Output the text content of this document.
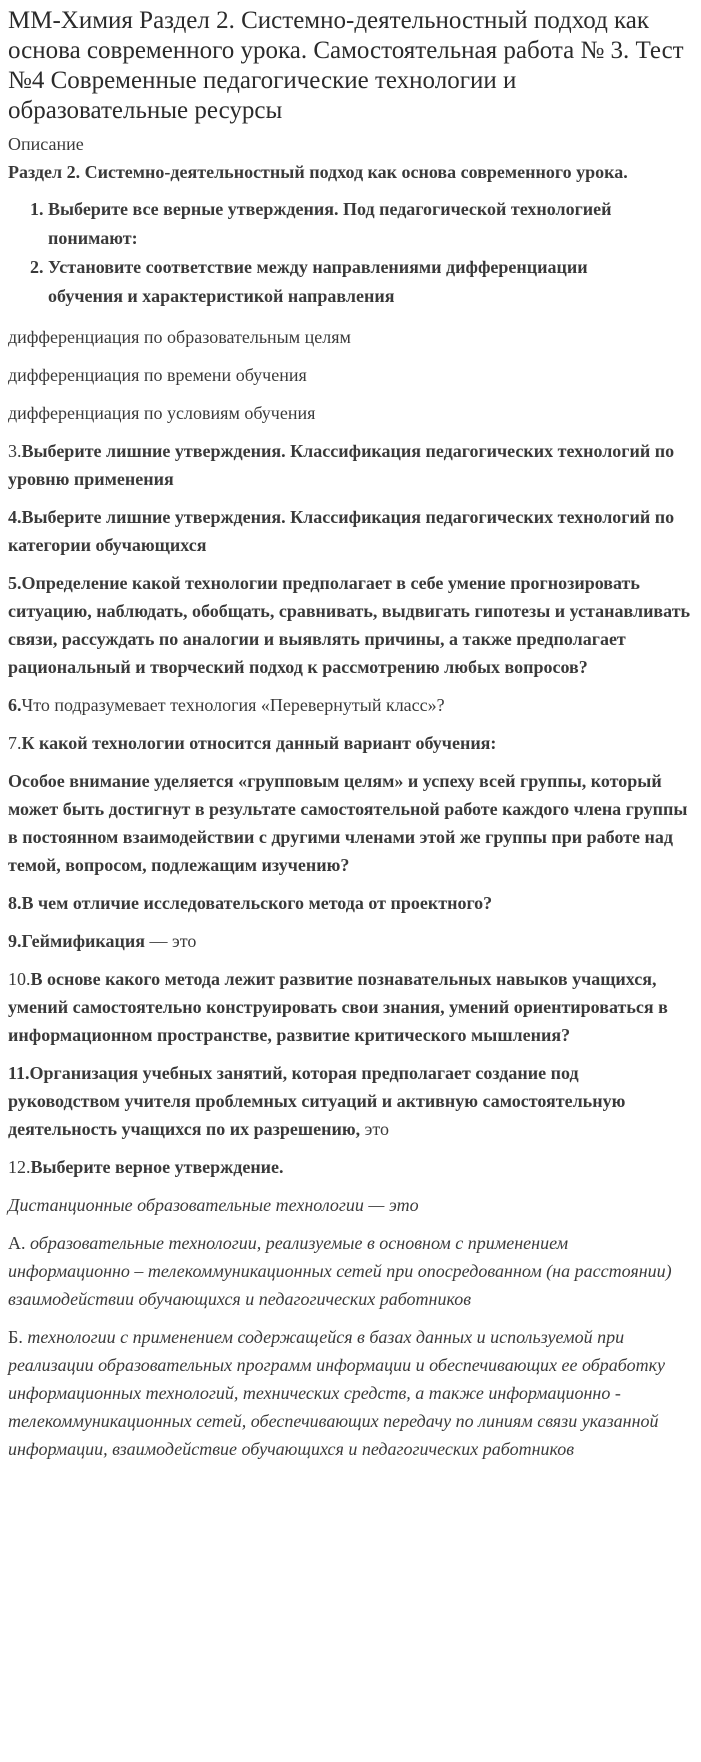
ММ-Химия Раздел 2. Системно-деятельностный подход как основа современного урока. Самостоятельная работа № 3. Тест №4 Современные педагогические технологии и образовательные ресурсы
Описание
Раздел 2. Системно-деятельностный подход как основа современного урока.
1. Выберите все верные утверждения. Под педагогической технологией понимают:
2. Установите соответствие между направлениями дифференциации обучения и характеристикой направления
дифференциация по образовательным целям
дифференциация по времени обучения
дифференциация по условиям обучения
3.Выберите лишние утверждения. Классификация педагогических технологий по уровню применения
4.Выберите лишние утверждения. Классификация педагогических технологий по категории обучающихся
5.Определение какой технологии предполагает в себе умение прогнозировать ситуацию, наблюдать, обобщать, сравнивать, выдвигать гипотезы и устанавливать связи, рассуждать по аналогии и выявлять причины, а также предполагает рациональный и творческий подход к рассмотрению любых вопросов?
6.Что подразумевает технология «Перевернутый класс»?
7.К какой технологии относится данный вариант обучения:
Особое внимание уделяется «групповым целям» и успеху всей группы, который может быть достигнут в результате самостоятельной работе каждого члена группы в постоянном взаимодействии с другими членами этой же группы при работе над темой, вопросом, подлежащим изучению?
8.В чем отличие исследовательского метода от проектного?
9.Геймификация — это
10.В основе какого метода лежит развитие познавательных навыков учащихся, умений самостоятельно конструировать свои знания, умений ориентироваться в информационном пространстве, развитие критического мышления?
11.Организация учебных занятий, которая предполагает создание под руководством учителя проблемных ситуаций и активную самостоятельную деятельность учащихся по их разрешению, это
12.Выберите верное утверждение.
Дистанционные образовательные технологии — это
А. образовательные технологии, реализуемые в основном с применением информационно – телекоммуникационных сетей при опосредованном (на расстоянии) взаимодействии обучающихся и педагогических работников
Б. технологии с применением содержащейся в базах данных и используемой при реализации образовательных программ информации и обеспечивающих ее обработку информационных технологий, технических средств, а также информационно - телекоммуникационных сетей, обеспечивающих передачу по линиям связи указанной информации, взаимодействие обучающихся и педагогических работников
